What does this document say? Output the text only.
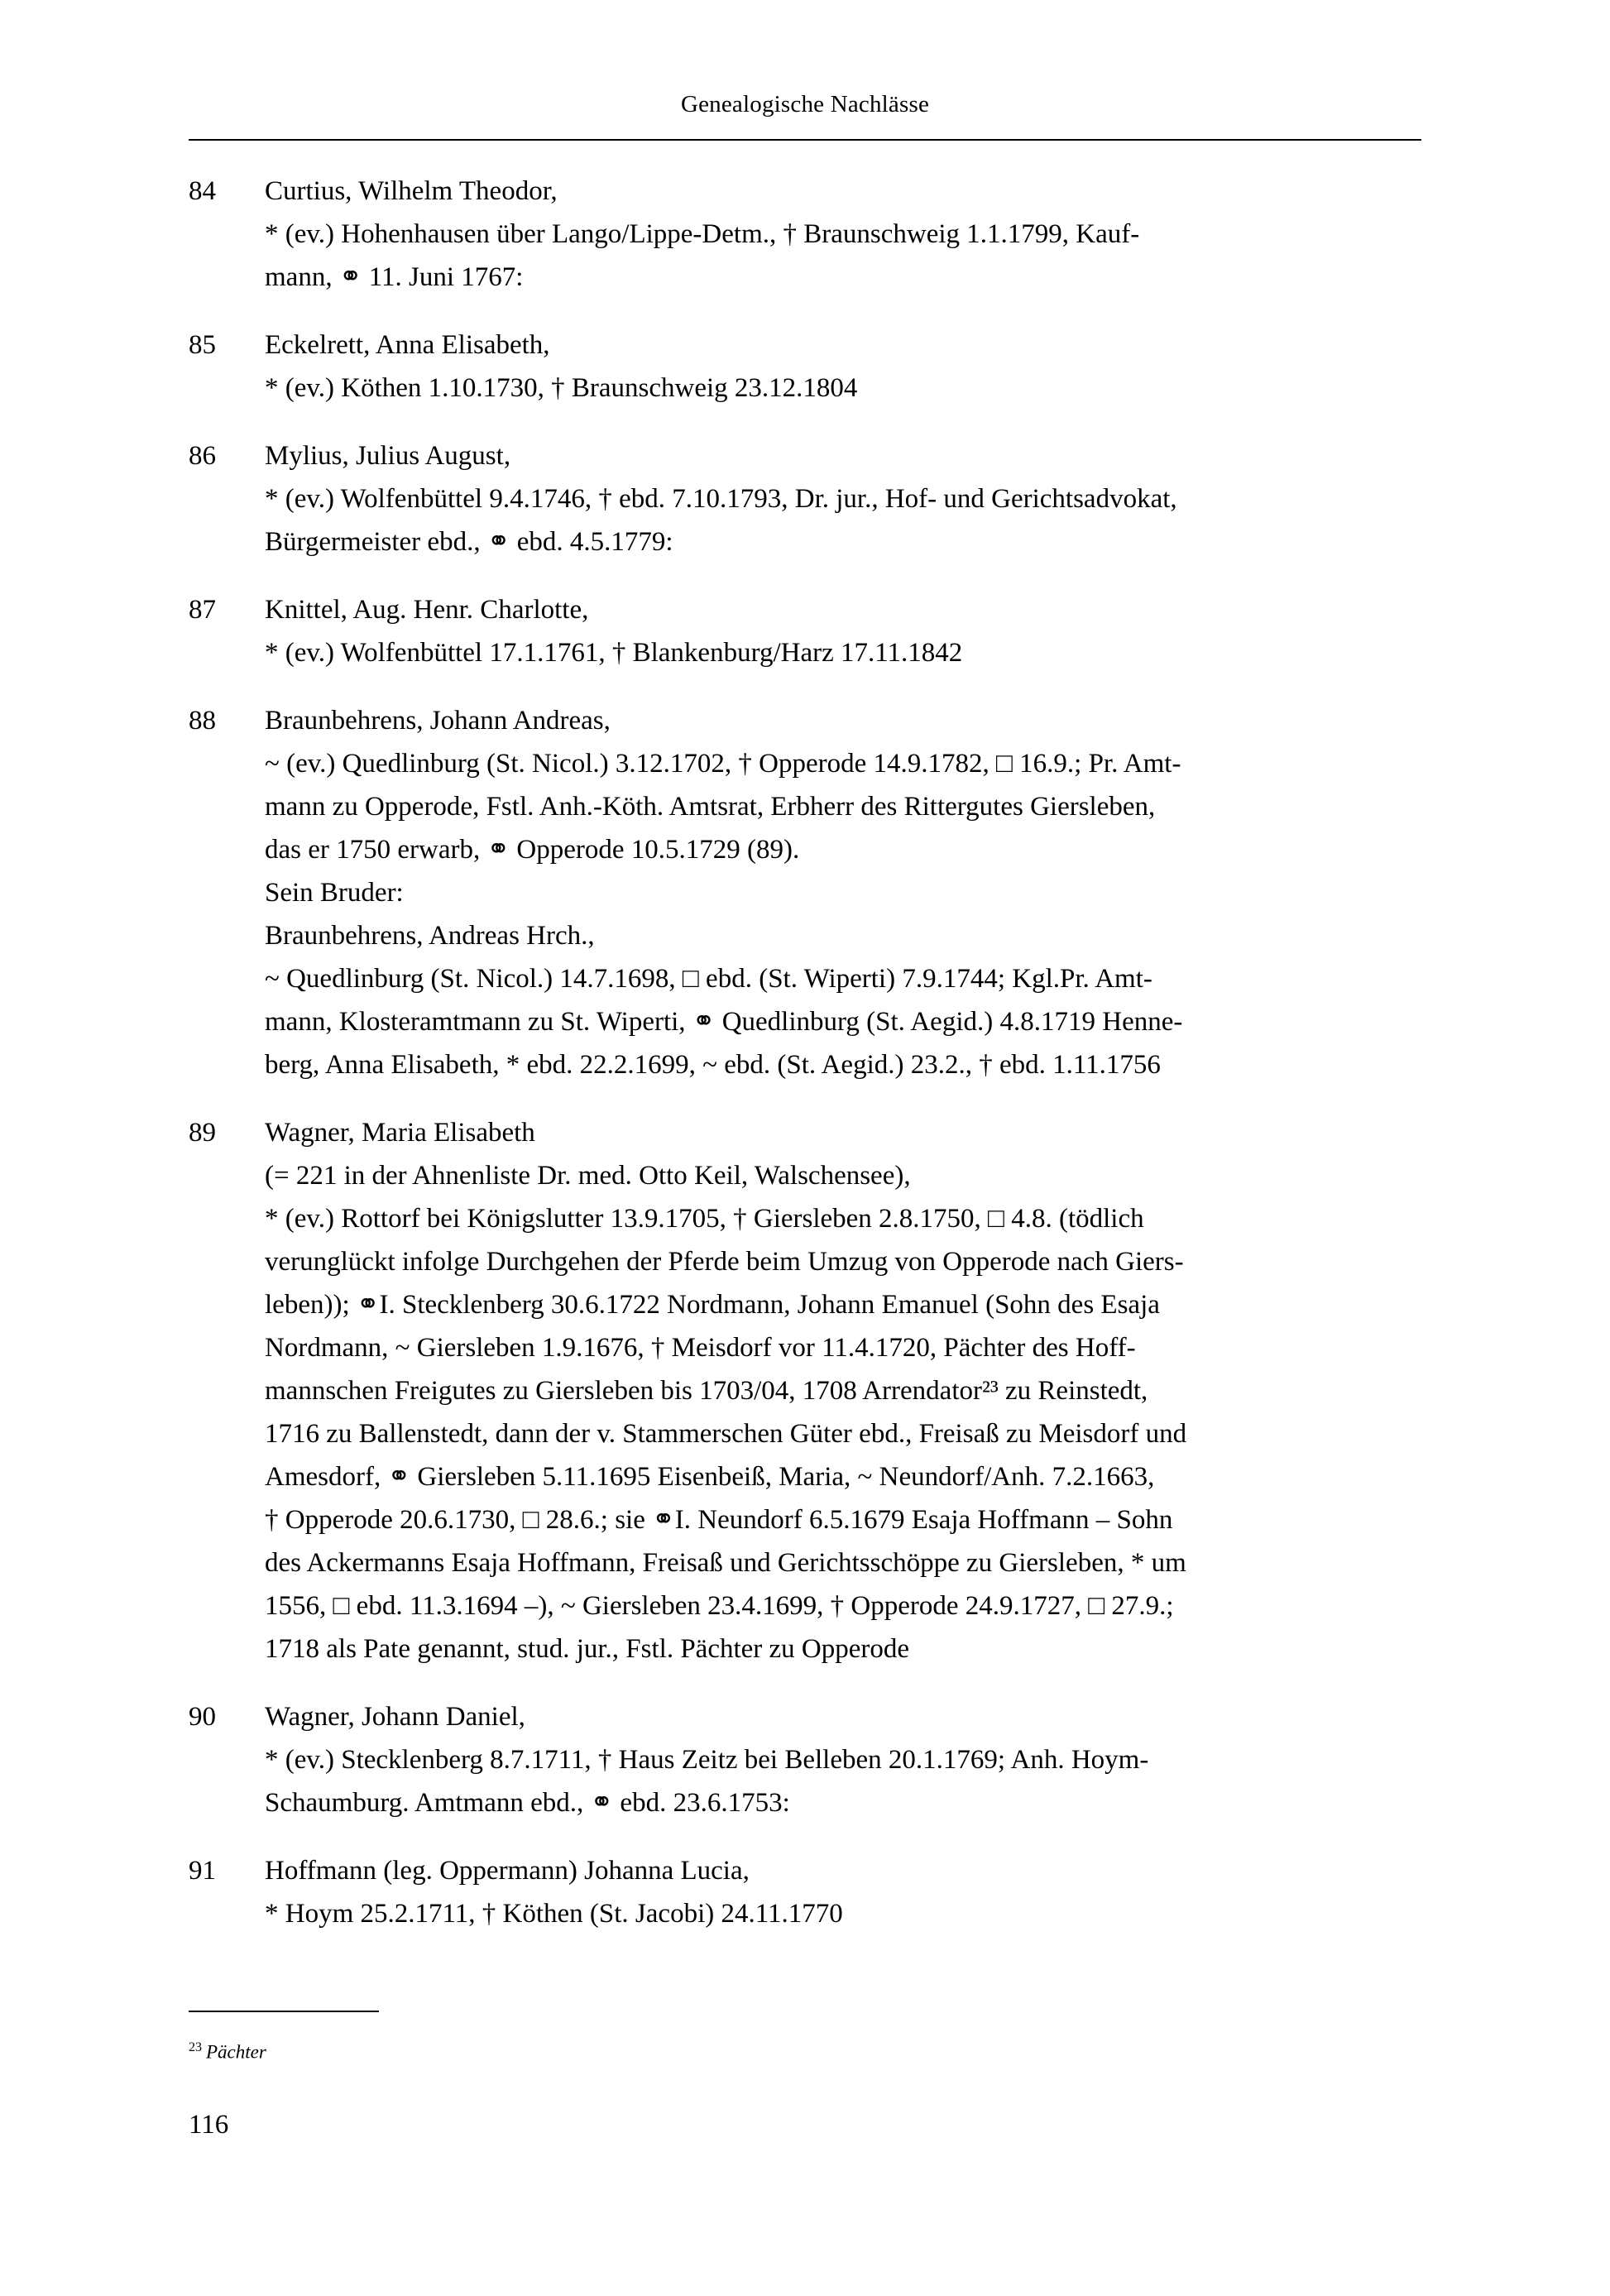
Genealogische Nachlässe
84	Curtius, Wilhelm Theodor,

* (ev.) Hohenhausen über Lango/Lippe-Detm., † Braunschweig 1.1.1799, Kauf-

mann, ⚭ 11. Juni 1767:

85	Eckelrett, Anna Elisabeth,

* (ev.) Köthen 1.10.1730, † Braunschweig 23.12.1804

86	Mylius, Julius August,

* (ev.) Wolfenbüttel 9.4.1746, † ebd. 7.10.1793, Dr. jur., Hof- und Gerichtsadvokat,

Bürgermeister ebd., ⚭ ebd. 4.5.1779:

87	Knittel, Aug. Henr. Charlotte,

* (ev.) Wolfenbüttel 17.1.1761, † Blankenburg/Harz 17.11.1842

88	Braunbehrens, Johann Andreas,

~ (ev.) Quedlinburg (St. Nicol.) 3.12.1702, † Opperode 14.9.1782, □ 16.9.; Pr. Amt-

mann zu Opperode, Fstl. Anh.-Köth. Amtsrat, Erbherr des Rittergutes Giersleben,

das er 1750 erwarb, ⚭ Opperode 10.5.1729 (89).

Sein Bruder:

Braunbehrens, Andreas Hrch.,

~ Quedlinburg (St. Nicol.) 14.7.1698, □ ebd. (St. Wiperti) 7.9.1744; Kgl.Pr. Amt-

mann, Klosteramtmann zu St. Wiperti, ⚭ Quedlinburg (St. Aegid.) 4.8.1719 Henne-

berg, Anna Elisabeth, * ebd. 22.2.1699, ~ ebd. (St. Aegid.) 23.2., † ebd. 1.11.1756

89	Wagner, Maria Elisabeth

(= 221 in der Ahnenliste Dr. med. Otto Keil, Walschensee),

* (ev.) Rottorf bei Königslutter 13.9.1705, † Giersleben 2.8.1750, □ 4.8. (tödlich

verunglückt infolge Durchgehen der Pferde beim Umzug von Opperode nach Giers-

leben)); ⚭I. Stecklenberg 30.6.1722 Nordmann, Johann Emanuel (Sohn des Esaja

Nordmann, ~ Giersleben 1.9.1676, † Meisdorf vor 11.4.1720, Pächter des Hoff-

mannschen Freigutes zu Giersleben bis 1703/04, 1708 Arrendator²³ zu Reinstedt,

1716 zu Ballenstedt, dann der v. Stammerschen Güter ebd., Freisaß zu Meisdorf und

Amesdorf, ⚭ Giersleben 5.11.1695 Eisenbeiß, Maria, ~ Neundorf/Anh. 7.2.1663,

† Opperode 20.6.1730, □ 28.6.; sie ⚭I. Neundorf 6.5.1679 Esaja Hoffmann – Sohn

des Ackermanns Esaja Hoffmann, Freisaß und Gerichtsschöppe zu Giersleben, * um

1556, □ ebd. 11.3.1694 –), ~ Giersleben 23.4.1699, † Opperode 24.9.1727, □ 27.9.;

1718 als Pate genannt, stud. jur., Fstl. Pächter zu Opperode

90	Wagner, Johann Daniel,

* (ev.) Stecklenberg 8.7.1711, † Haus Zeitz bei Belleben 20.1.1769; Anh. Hoym-

Schaumburg. Amtmann ebd., ⚭ ebd. 23.6.1753:

91	Hoffmann (leg. Oppermann) Johanna Lucia,

* Hoym 25.2.1711, † Köthen (St. Jacobi) 24.11.1770

$^{23}$ Pächter
116
